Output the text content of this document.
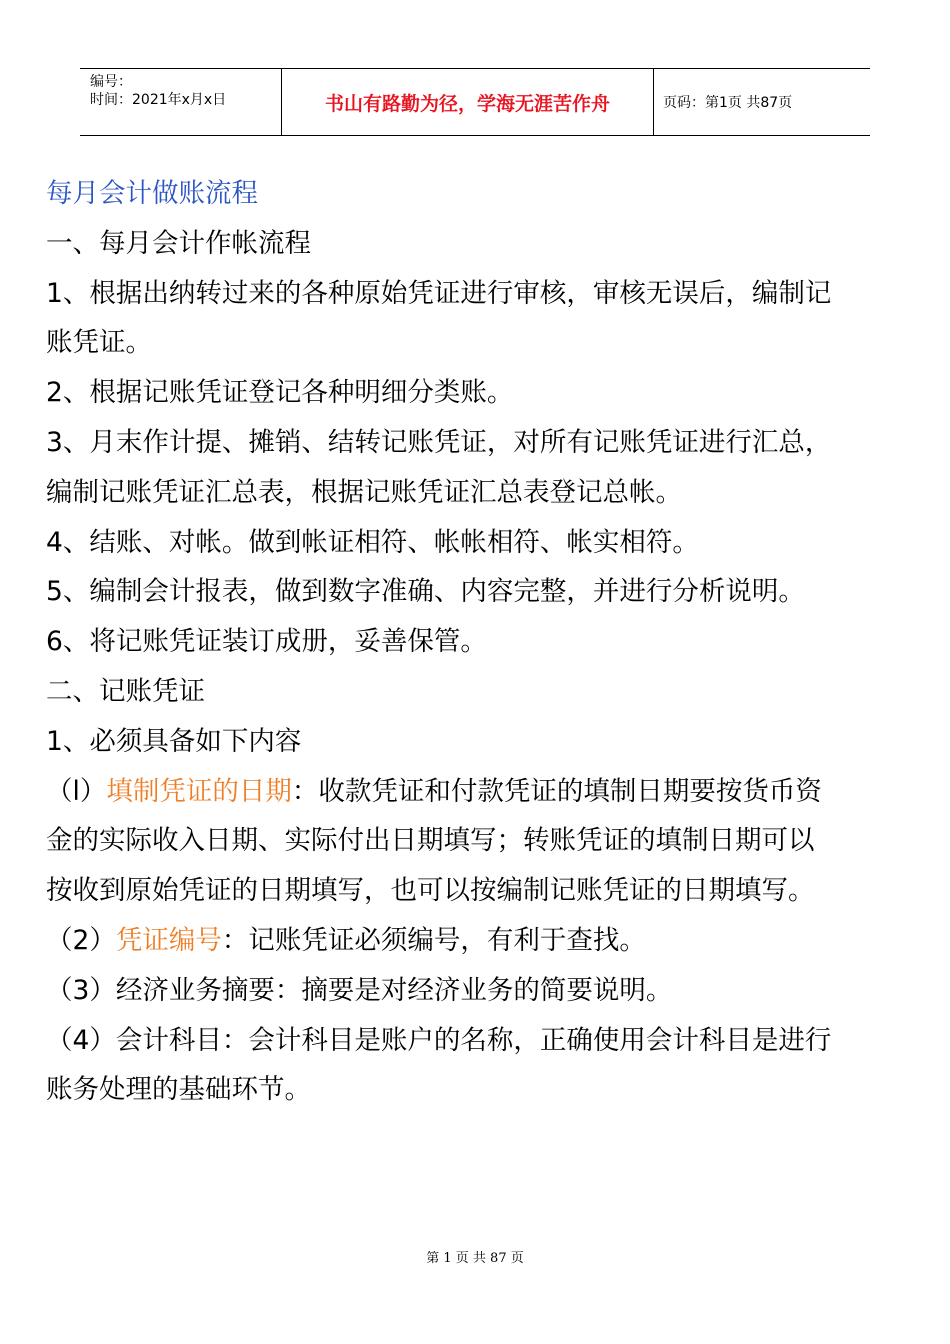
编号：
时间：2021年x月x日	书山有路勤为径，学海无涯苦作舟	页码：第1页 共87页
每月会计做账流程
一、每月会计作帐流程
1、根据出纳转过来的各种原始凭证进行审核，审核无误后，编制记
账凭证。
2、根据记账凭证登记各种明细分类账。
3、月末作计提、摊销、结转记账凭证，对所有记账凭证进行汇总，
编制记账凭证汇总表，根据记账凭证汇总表登记总帐。
4、结账、对帐。做到帐证相符、帐帐相符、帐实相符。
5、编制会计报表，做到数字准确、内容完整，并进行分析说明。
6、将记账凭证装订成册，妥善保管。
二、记账凭证
1、必须具备如下内容
（l）填制凭证的日期：收款凭证和付款凭证的填制日期要按货币资
金的实际收入日期、实际付出日期填写；转账凭证的填制日期可以
按收到原始凭证的日期填写，也可以按编制记账凭证的日期填写。
（2）凭证编号：记账凭证必须编号，有利于查找。
（3）经济业务摘要：摘要是对经济业务的简要说明。
（4）会计科目：会计科目是账户的名称，正确使用会计科目是进行
账务处理的基础环节。
第 1 页 共 87 页
